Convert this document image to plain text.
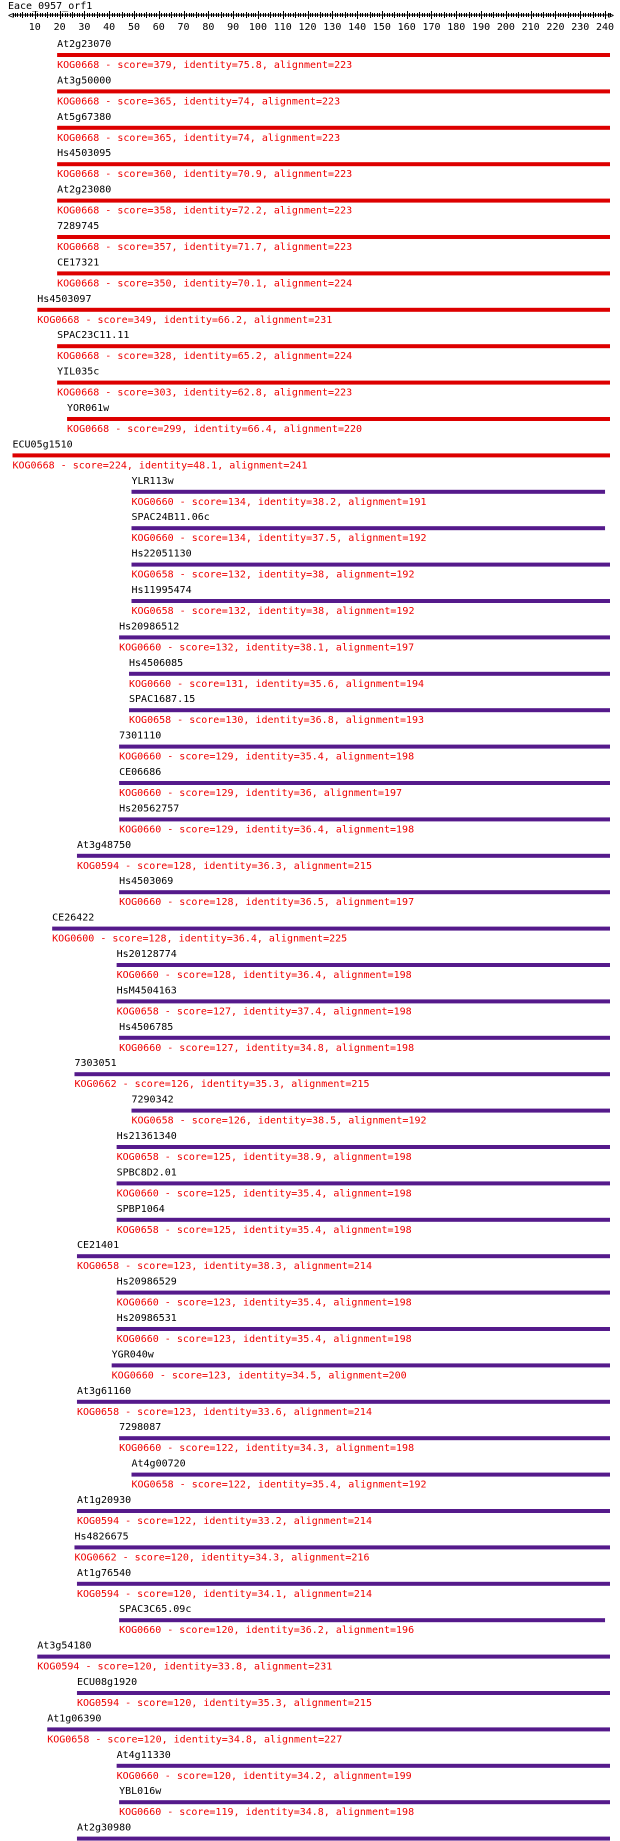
Eace_0957_orf1
<	>
10 20 30 40 50 60 70 80 90 100 110 120 130 140 150 160 170 180 190 200 210 220 230 240
At2g23070
KOG0668 - score=379, identity=75.8, alignment=223
At3g50000
KOG0668 - score=365, identity=74, alignment=223
At5g67380
KOG0668 - score=365, identity=74, alignment=223
Hs4503095
KOG0668 - score=360, identity=70.9, alignment=223
At2g23080
KOG0668 - score=358, identity=72.2, alignment=223
7289745
KOG0668 - score=357, identity=71.7, alignment=223
CE17321
KOG0668 - score=350, identity=70.1, alignment=224
Hs4503097
KOG0668 - score=349, identity=66.2, alignment=231
SPAC23C11.11
KOG0668 - score=328, identity=65.2, alignment=224
YIL035c
KOG0668 - score=303, identity=62.8, alignment=223
YOR061w
KOG0668 - score=299, identity=66.4, alignment=220
ECU05g1510
KOG0668 - score=224, identity=48.1, alignment=241
YLR113w
KOG0660 - score=134, identity=38.2, alignment=191
SPAC24B11.06c
KOG0660 - score=134, identity=37.5, alignment=192
Hs22051130
KOG0658 - score=132, identity=38, alignment=192
Hs11995474
KOG0658 - score=132, identity=38, alignment=192
Hs20986512
KOG0660 - score=132, identity=38.1, alignment=197
Hs4506085
KOG0660 - score=131, identity=35.6, alignment=194
SPAC1687.15
KOG0658 - score=130, identity=36.8, alignment=193
7301110
KOG0660 - score=129, identity=35.4, alignment=198
CE06686
KOG0660 - score=129, identity=36, alignment=197
Hs20562757
KOG0660 - score=129, identity=36.4, alignment=198
At3g48750
KOG0594 - score=128, identity=36.3, alignment=215
Hs4503069
KOG0660 - score=128, identity=36.5, alignment=197
CE26422
KOG0600 - score=128, identity=36.4, alignment=225
Hs20128774
KOG0660 - score=128, identity=36.4, alignment=198
HsM4504163
KOG0658 - score=127, identity=37.4, alignment=198
Hs4506785
KOG0660 - score=127, identity=34.8, alignment=198
7303051
KOG0662 - score=126, identity=35.3, alignment=215
7290342
KOG0658 - score=126, identity=38.5, alignment=192
Hs21361340
KOG0658 - score=125, identity=38.9, alignment=198
SPBC8D2.01
KOG0660 - score=125, identity=35.4, alignment=198
SPBP1064
KOG0658 - score=125, identity=35.4, alignment=198
CE21401
KOG0658 - score=123, identity=38.3, alignment=214
Hs20986529
KOG0660 - score=123, identity=35.4, alignment=198
Hs20986531
KOG0660 - score=123, identity=35.4, alignment=198
YGR040w
KOG0660 - score=123, identity=34.5, alignment=200
At3g61160
KOG0658 - score=123, identity=33.6, alignment=214
7298087
KOG0660 - score=122, identity=34.3, alignment=198
At4g00720
KOG0658 - score=122, identity=35.4, alignment=192
At1g20930
KOG0594 - score=122, identity=33.2, alignment=214
Hs4826675
KOG0662 - score=120, identity=34.3, alignment=216
At1g76540
KOG0594 - score=120, identity=34.1, alignment=214
SPAC3C65.09c
KOG0660 - score=120, identity=36.2, alignment=196
At3g54180
KOG0594 - score=120, identity=33.8, alignment=231
ECU08g1920
KOG0594 - score=120, identity=35.3, alignment=215
At1g06390
KOG0658 - score=120, identity=34.8, alignment=227
At4g11330
KOG0660 - score=120, identity=34.2, alignment=199
YBL016w
KOG0660 - score=119, identity=34.8, alignment=198
At2g30980
